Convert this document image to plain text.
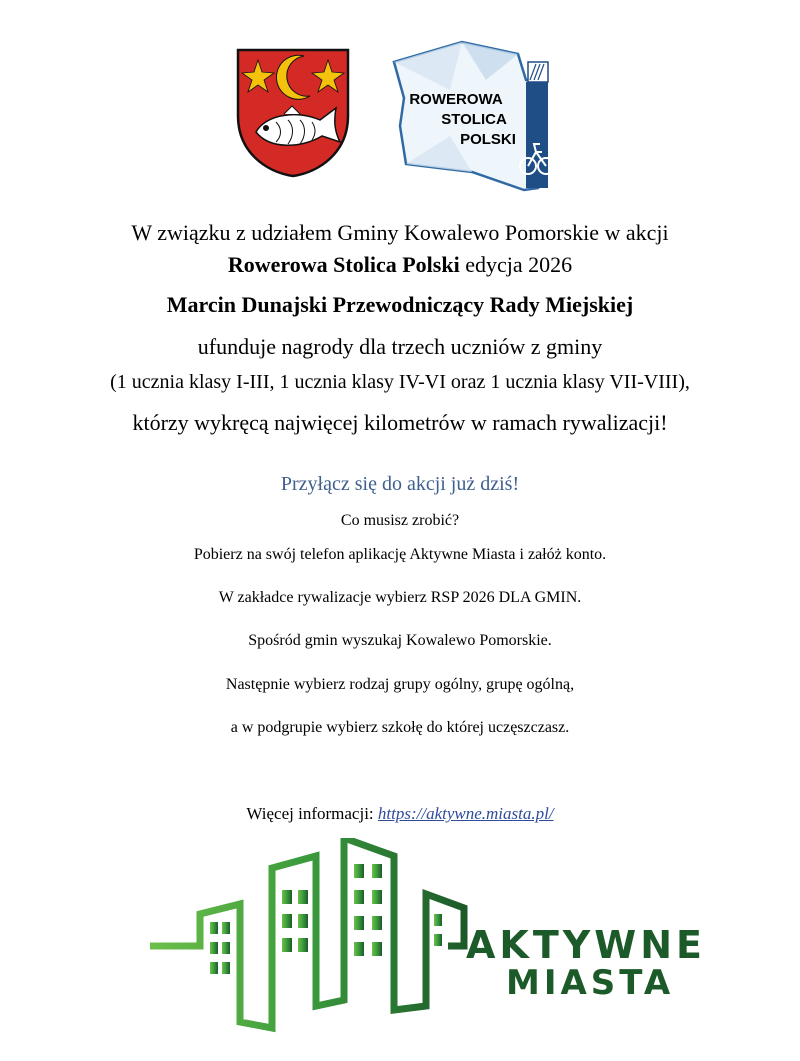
ROWEROWA
STOLICA
POLSKI
W związku z udziałem Gminy Kowalewo Pomorskie w akcji
Rowerowa Stolica Polski edycja 2026
Marcin Dunajski Przewodniczący Rady Miejskiej
ufunduje nagrody dla trzech uczniów z gminy
(1 ucznia klasy I-III, 1 ucznia klasy IV-VI oraz 1 ucznia klasy VII-VIII),
którzy wykręcą najwięcej kilometrów w ramach rywalizacji!
Przyłącz się do akcji już dziś!
Co musisz zrobić?
Pobierz na swój telefon aplikację Aktywne Miasta i załóż konto.
W zakładce rywalizacje wybierz RSP 2026 DLA GMIN.
Spośród gmin wyszukaj Kowalewo Pomorskie.
Następnie wybierz rodzaj grupy ogólny, grupę ogólną,
a w podgrupie wybierz szkołę do której uczęszczasz.
Więcej informacji: https://aktywne.miasta.pl/
AKTYWNE
MIASTA
